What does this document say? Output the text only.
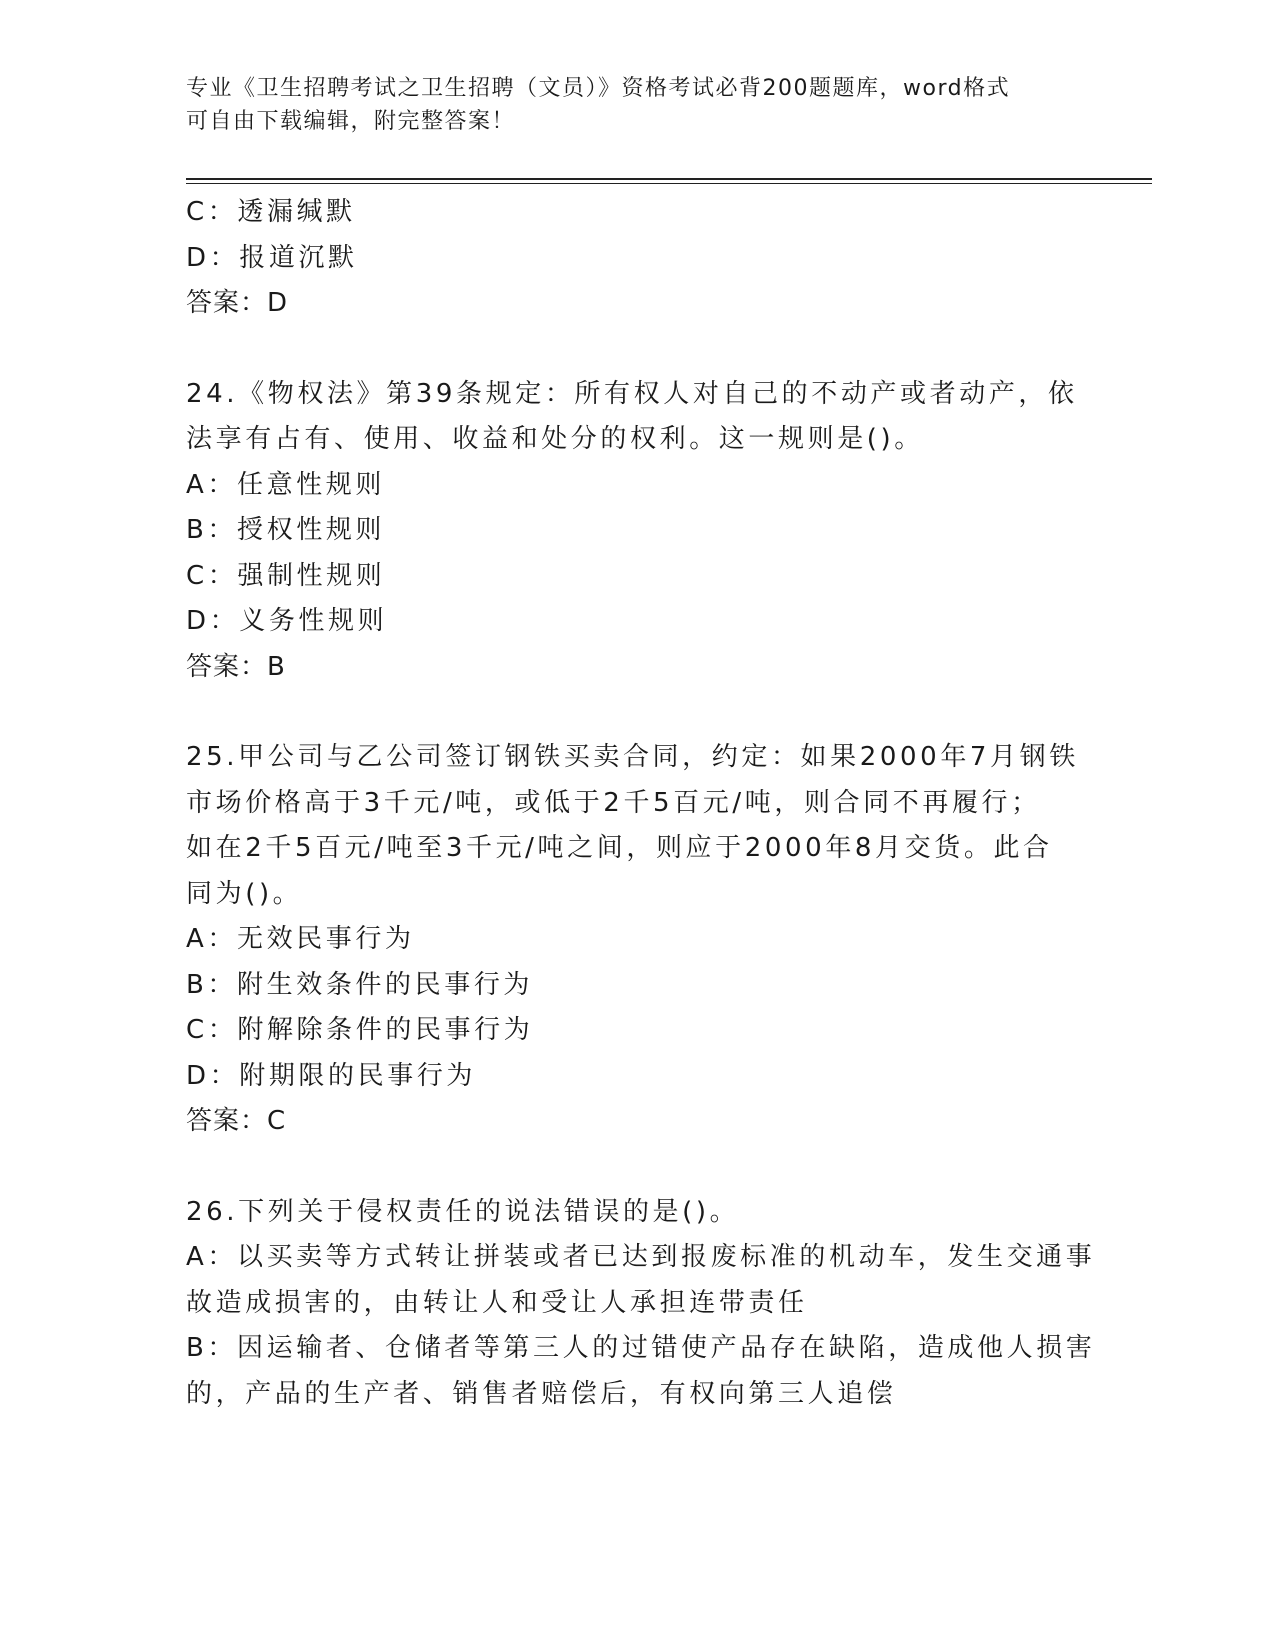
专业《卫生招聘考试之卫生招聘（文员）》资格考试必背200题题库，word格式
可自由下载编辑，附完整答案！
C：透漏缄默
D：报道沉默
答案：D
24.《物权法》第39条规定：所有权人对自己的不动产或者动产，依
法享有占有、使用、收益和处分的权利。这一规则是()。
A：任意性规则
B：授权性规则
C：强制性规则
D：义务性规则
答案：B
25.甲公司与乙公司签订钢铁买卖合同，约定：如果2000年7月钢铁
市场价格高于3千元/吨，或低于2千5百元/吨，则合同不再履行；
如在2千5百元/吨至3千元/吨之间，则应于2000年8月交货。此合
同为()。
A：无效民事行为
B：附生效条件的民事行为
C：附解除条件的民事行为
D：附期限的民事行为
答案：C
26.下列关于侵权责任的说法错误的是()。
A：以买卖等方式转让拼装或者已达到报废标准的机动车，发生交通事
故造成损害的，由转让人和受让人承担连带责任
B：因运输者、仓储者等第三人的过错使产品存在缺陷，造成他人损害
的，产品的生产者、销售者赔偿后，有权向第三人追偿
